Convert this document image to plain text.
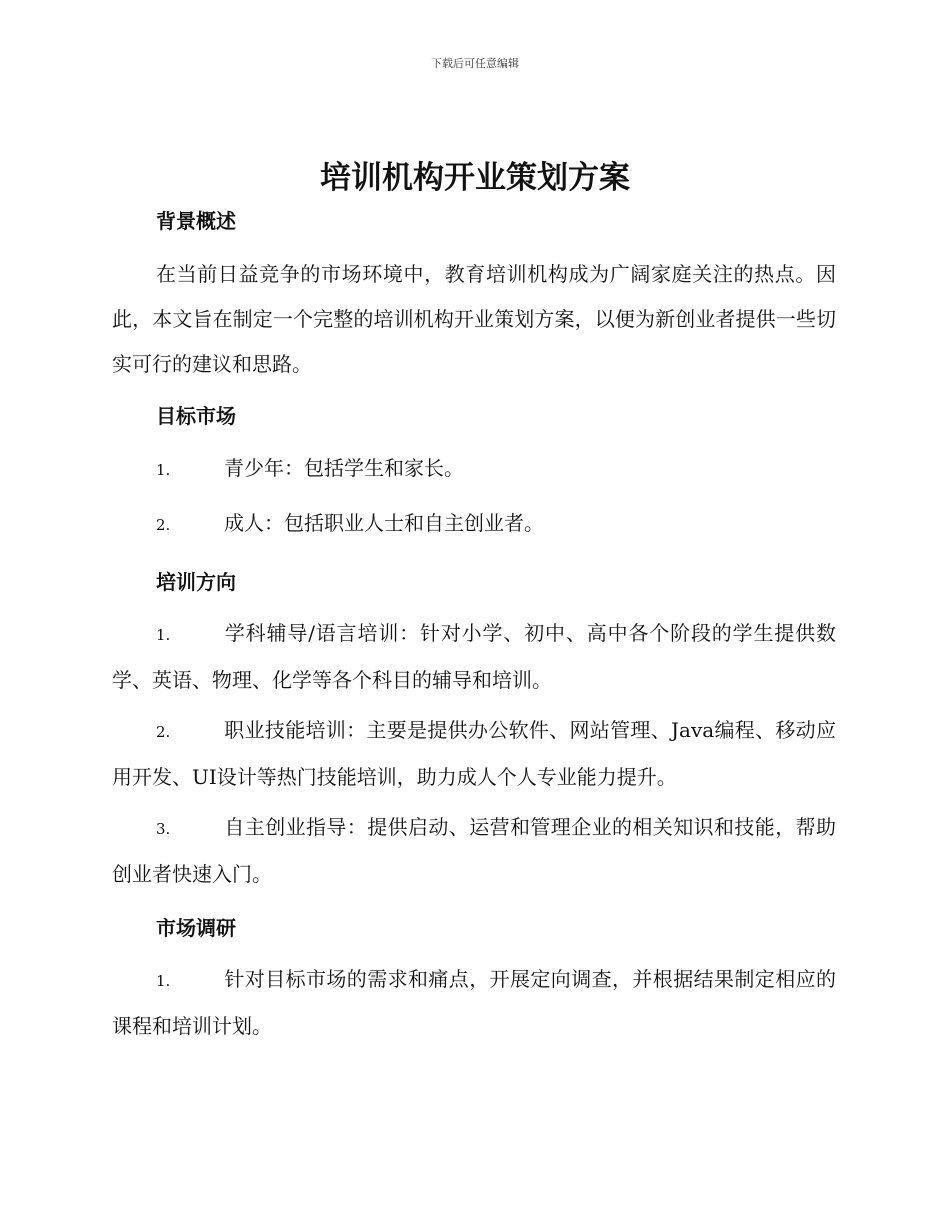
下载后可任意编辑
培训机构开业策划方案
背景概述
在当前日益竞争的市场环境中，教育培训机构成为广阔家庭关注的热点。因此，本文旨在制定一个完整的培训机构开业策划方案，以便为新创业者提供一些切实可行的建议和思路。
目标市场
1.	青少年：包括学生和家长。
2.	成人：包括职业人士和自主创业者。
培训方向
1.	学科辅导/语言培训：针对小学、初中、高中各个阶段的学生提供数学、英语、物理、化学等各个科目的辅导和培训。
2.	职业技能培训：主要是提供办公软件、网站管理、Java编程、移动应用开发、UI设计等热门技能培训，助力成人个人专业能力提升。
3.	自主创业指导：提供启动、运营和管理企业的相关知识和技能，帮助创业者快速入门。
市场调研
1.	针对目标市场的需求和痛点，开展定向调查，并根据结果制定相应的课程和培训计划。
